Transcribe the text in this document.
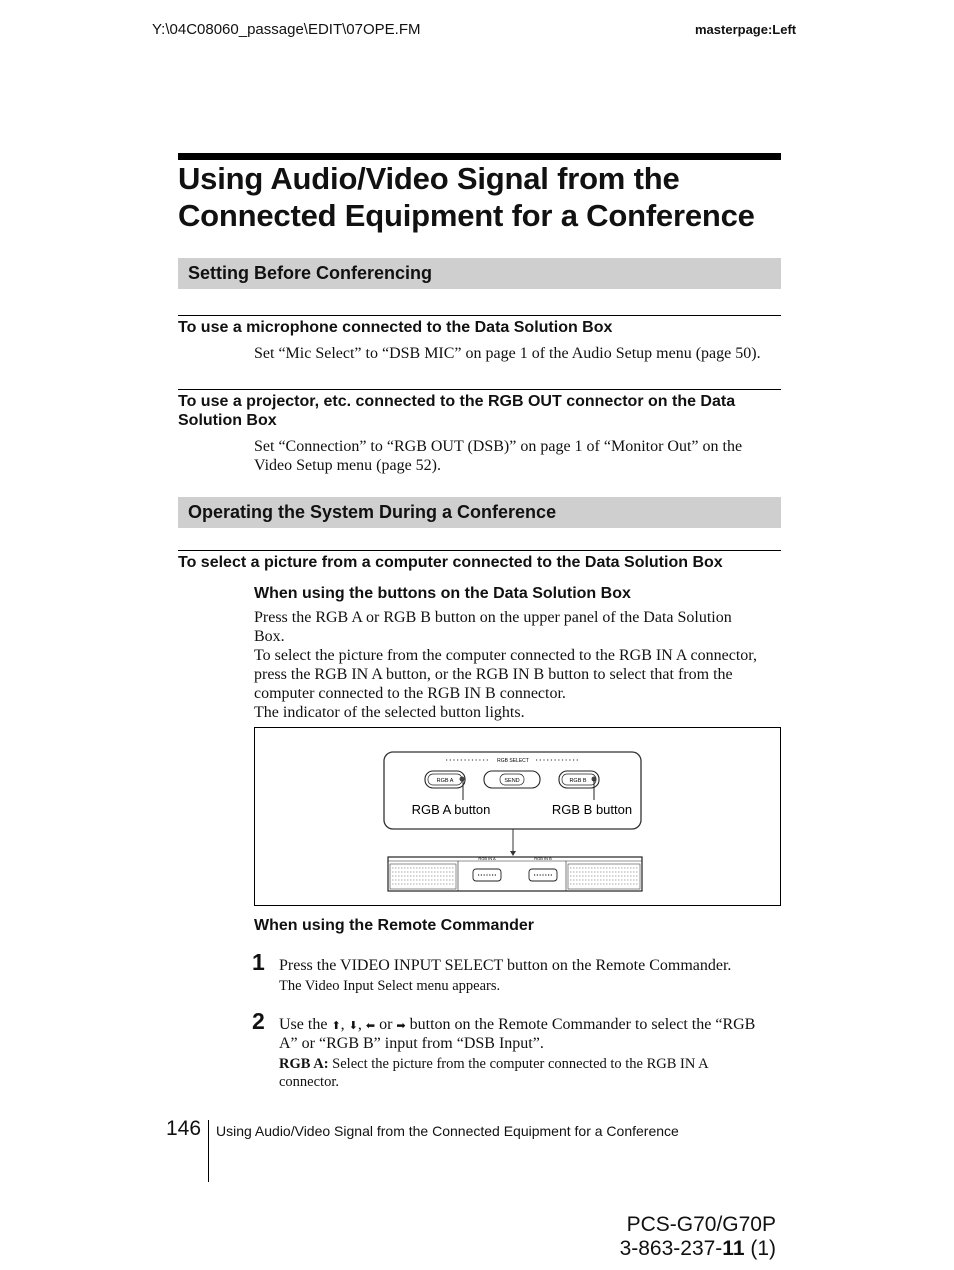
Y:\04C08060_passage\EDIT\07OPE.FM	masterpage:Left
Using Audio/Video Signal from the
Connected Equipment for a Conference
Setting Before Conferencing
To use a microphone connected to the Data Solution Box
Set “Mic Select” to “DSB MIC” on page 1 of the Audio Setup menu (page 50).
To use a projector, etc. connected to the RGB OUT connector on the Data
Solution Box
Set “Connection” to “RGB OUT (DSB)” on page 1 of “Monitor Out” on the
Video Setup menu (page 52).
Operating the System During a Conference
To select a picture from a computer connected to the Data Solution Box
When using the buttons on the Data Solution Box
Press the RGB A or RGB B button on the upper panel of the Data Solution
Box.
To select the picture from the computer connected to the RGB IN A connector,
press the RGB IN A button, or the RGB IN B button to select that from the
computer connected to the RGB IN B connector.
The indicator of the selected button lights.
RGB SELECT
RGB A	SEND	RGB B
RGB A button	RGB B button
RGB IN A	RGB IN B
When using the Remote Commander
1 Press the VIDEO INPUT SELECT button on the Remote Commander.
The Video Input Select menu appears.
2 Use the ⬆, ⬇, ⬅ or ➡ button on the Remote Commander to select the “RGB
A” or “RGB B” input from “DSB Input”.
RGB A: Select the picture from the computer connected to the RGB IN A
connector.
146 Using Audio/Video Signal from the Connected Equipment for a Conference
PCS-G70/G70P
3-863-237-11 (1)
